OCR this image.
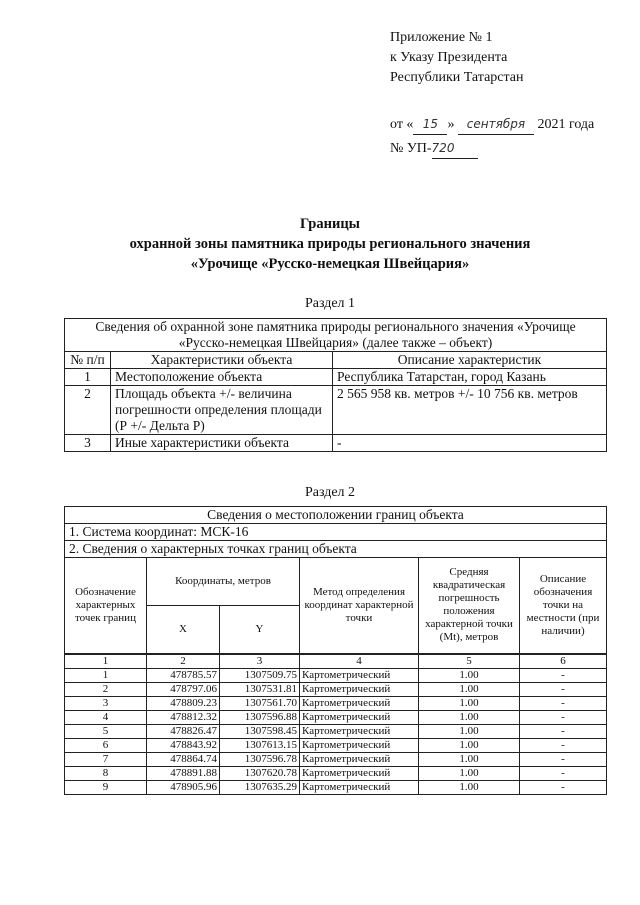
Приложение № 1
к Указу Президента
Республики Татарстан
от « 15 » сентября 2021 года
№ УП-720
Границы
охранной зоны памятника природы регионального значения
«Урочище «Русско-немецкая Швейцария»
Раздел 1
Сведения об охранной зоне памятника природы регионального значения «Урочище «Русско-немецкая Швейцария» (далее также – объект)		
№ п/п	Характеристики объекта	Описание характеристик
1	Местоположение объекта	Республика Татарстан, город Казань
2	Площадь объекта +/- величина погрешности определения площади (Р +/- Дельта Р)	2 565 958 кв. метров +/- 10 756 кв. метров
3	Иные характеристики объекта	-
Раздел 2
Сведения о местоположении границ объекта					
1. Система координат: МСК-16					
2. Сведения о характерных точках границ объекта					
Обозначение характерных точек границ	Координаты, метров		Метод определения координат характерной точки	Средняя квадратическая погрешность положения характерной точки (Мt), метров	Описание обозначения точки на местности (при наличии)
	X	Y			
1	2	3	4	5	6
1	478785.57	1307509.75	Картометрический	1.00	-
2	478797.06	1307531.81	Картометрический	1.00	-
3	478809.23	1307561.70	Картометрический	1.00	-
4	478812.32	1307596.88	Картометрический	1.00	-
5	478826.47	1307598.45	Картометрический	1.00	-
6	478843.92	1307613.15	Картометрический	1.00	-
7	478864.74	1307596.78	Картометрический	1.00	-
8	478891.88	1307620.78	Картометрический	1.00	-
9	478905.96	1307635.29	Картометрический	1.00	-
